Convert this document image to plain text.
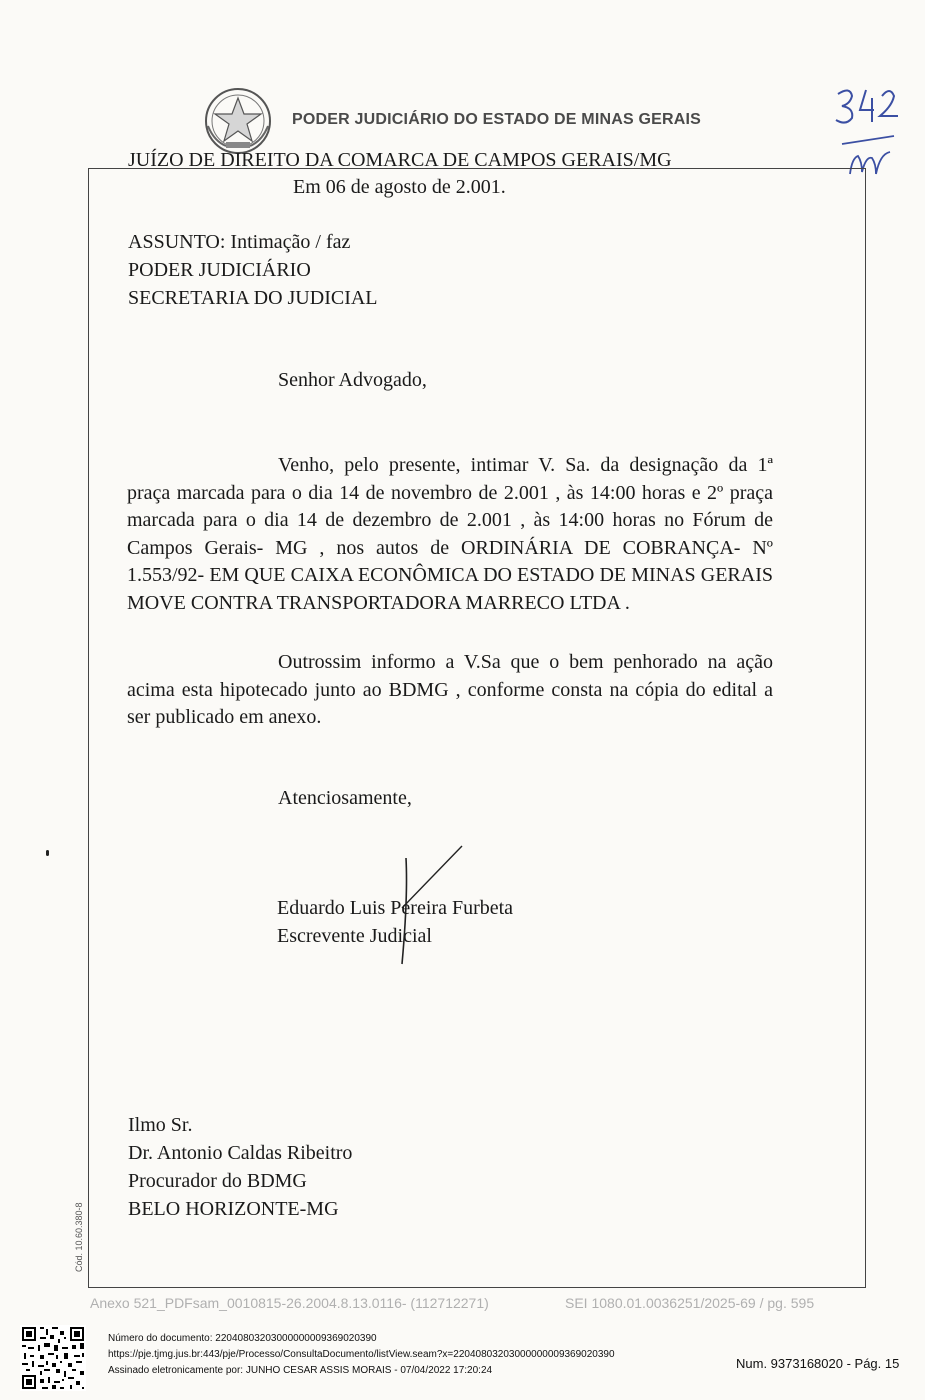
PODER JUDICIÁRIO DO ESTADO DE MINAS GERAIS
JUÍZO DE DIREITO DA COMARCA DE CAMPOS GERAIS/MG
Em 06 de agosto de 2.001.
ASSUNTO: Intimação / faz
PODER JUDICIÁRIO
SECRETARIA DO JUDICIAL
Senhor Advogado,

Venho, pelo presente, intimar V. Sa. da designação da 1ª praça marcada para o dia 14 de novembro de 2.001 , às 14:00 horas e 2º praça marcada para o dia 14 de dezembro de 2.001 , às 14:00 horas no Fórum de Campos Gerais- MG , nos autos de ORDINÁRIA DE COBRANÇA- Nº 1.553/92- EM QUE CAIXA ECONÔMICA DO ESTADO DE MINAS GERAIS MOVE CONTRA TRANSPORTADORA MARRECO LTDA .

Outrossim informo a V.Sa que o bem penhorado na ação acima esta hipotecado junto ao BDMG , conforme consta na cópia do edital a ser publicado em anexo.

Atenciosamente,
Eduardo Luis Pereira Furbeta
Escrevente Judicial
Ilmo Sr.
Dr. Antonio Caldas Ribeitro
Procurador do BDMG
BELO HORIZONTE-MG
Cód. 10.60.380-8
Anexo 521_PDFsam_0010815-26.2004.8.13.0116- (112712271)	SEI 1080.01.0036251/2025-69 / pg. 595
Número do documento: 22040803203000000009369020390
https://pje.tjmg.jus.br:443/pje/Processo/ConsultaDocumento/listView.seam?x=22040803203000000009369020390
Assinado eletronicamente por: JUNHO CESAR ASSIS MORAIS - 07/04/2022 17:20:24	Num. 9373168020 - Pág. 15
